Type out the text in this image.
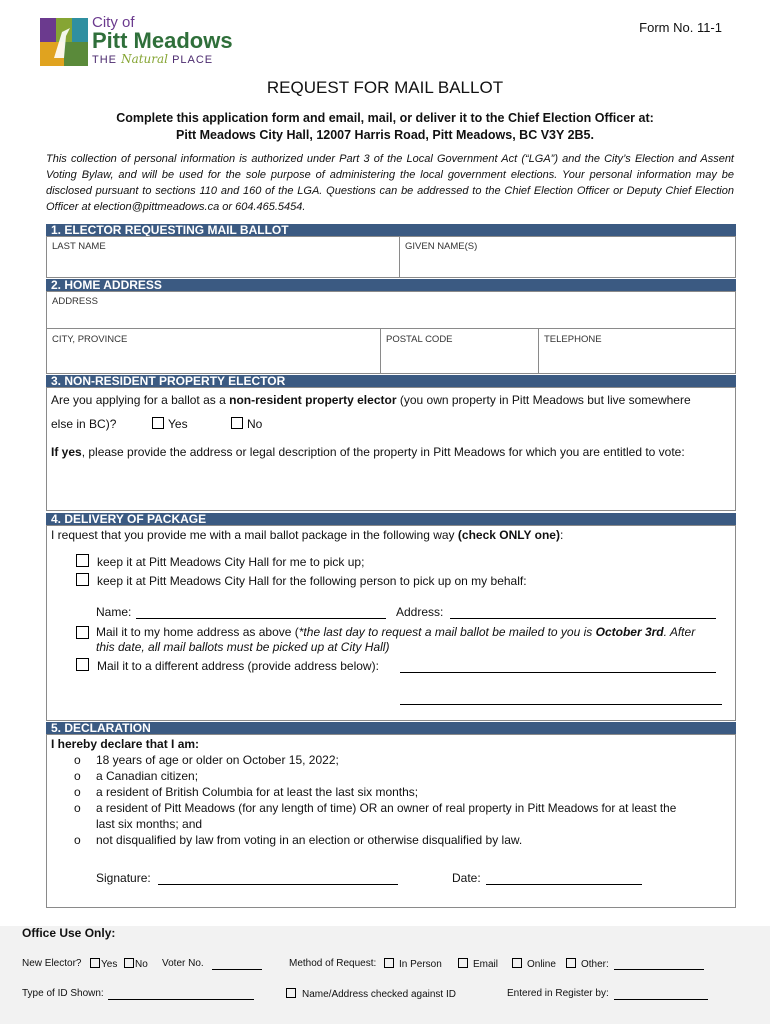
City of
Pitt Meadows
THE Natural PLACE
Form No. 11-1
REQUEST FOR MAIL BALLOT
Complete this application form and email, mail, or deliver it to the Chief Election Officer at:
Pitt Meadows City Hall, 12007 Harris Road, Pitt Meadows, BC V3Y 2B5.
This collection of personal information is authorized under Part 3 of the Local Government Act (“LGA”) and the City’s Election and Assent Voting Bylaw, and will be used for the sole purpose of administering the local government elections. Your personal information may be disclosed pursuant to sections 110 and 160 of the LGA. Questions can be addressed to the Chief Election Officer or Deputy Chief Election Officer at election@pittmeadows.ca or 604.465.5454.
1. ELECTOR REQUESTING MAIL BALLOT
LAST NAME	GIVEN NAME(S)
2. HOME ADDRESS
ADDRESS
CITY, PROVINCE	POSTAL CODE	TELEPHONE
3. NON-RESIDENT PROPERTY ELECTOR
Are you applying for a ballot as a non-resident property elector (you own property in Pitt Meadows but live somewhere
else in BC)?	Yes	No
If yes, please provide the address or legal description of the property in Pitt Meadows for which you are entitled to vote:
4. DELIVERY OF PACKAGE
I request that you provide me with a mail ballot package in the following way (check ONLY one):
keep it at Pitt Meadows City Hall for me to pick up;
keep it at Pitt Meadows City Hall for the following person to pick up on my behalf:
Name:	Address:
Mail it to my home address as above (*the last day to request a mail ballot be mailed to you is October 3rd. After
this date, all mail ballots must be picked up at City Hall)
Mail it to a different address (provide address below):
5. DECLARATION
I hereby declare that I am:
o 18 years of age or older on October 15, 2022;
o a Canadian citizen;
o a resident of British Columbia for at least the last six months;
o a resident of Pitt Meadows (for any length of time) OR an owner of real property in Pitt Meadows for at least the
last six months; and
o not disqualified by law from voting in an election or otherwise disqualified by law.
Signature:	Date:
Office Use Only:
New Elector?	Yes	No Voter No.	Method of Request:	In Person	Email	Online	Other:
Type of ID Shown:	Name/Address checked against ID	Entered in Register by:
